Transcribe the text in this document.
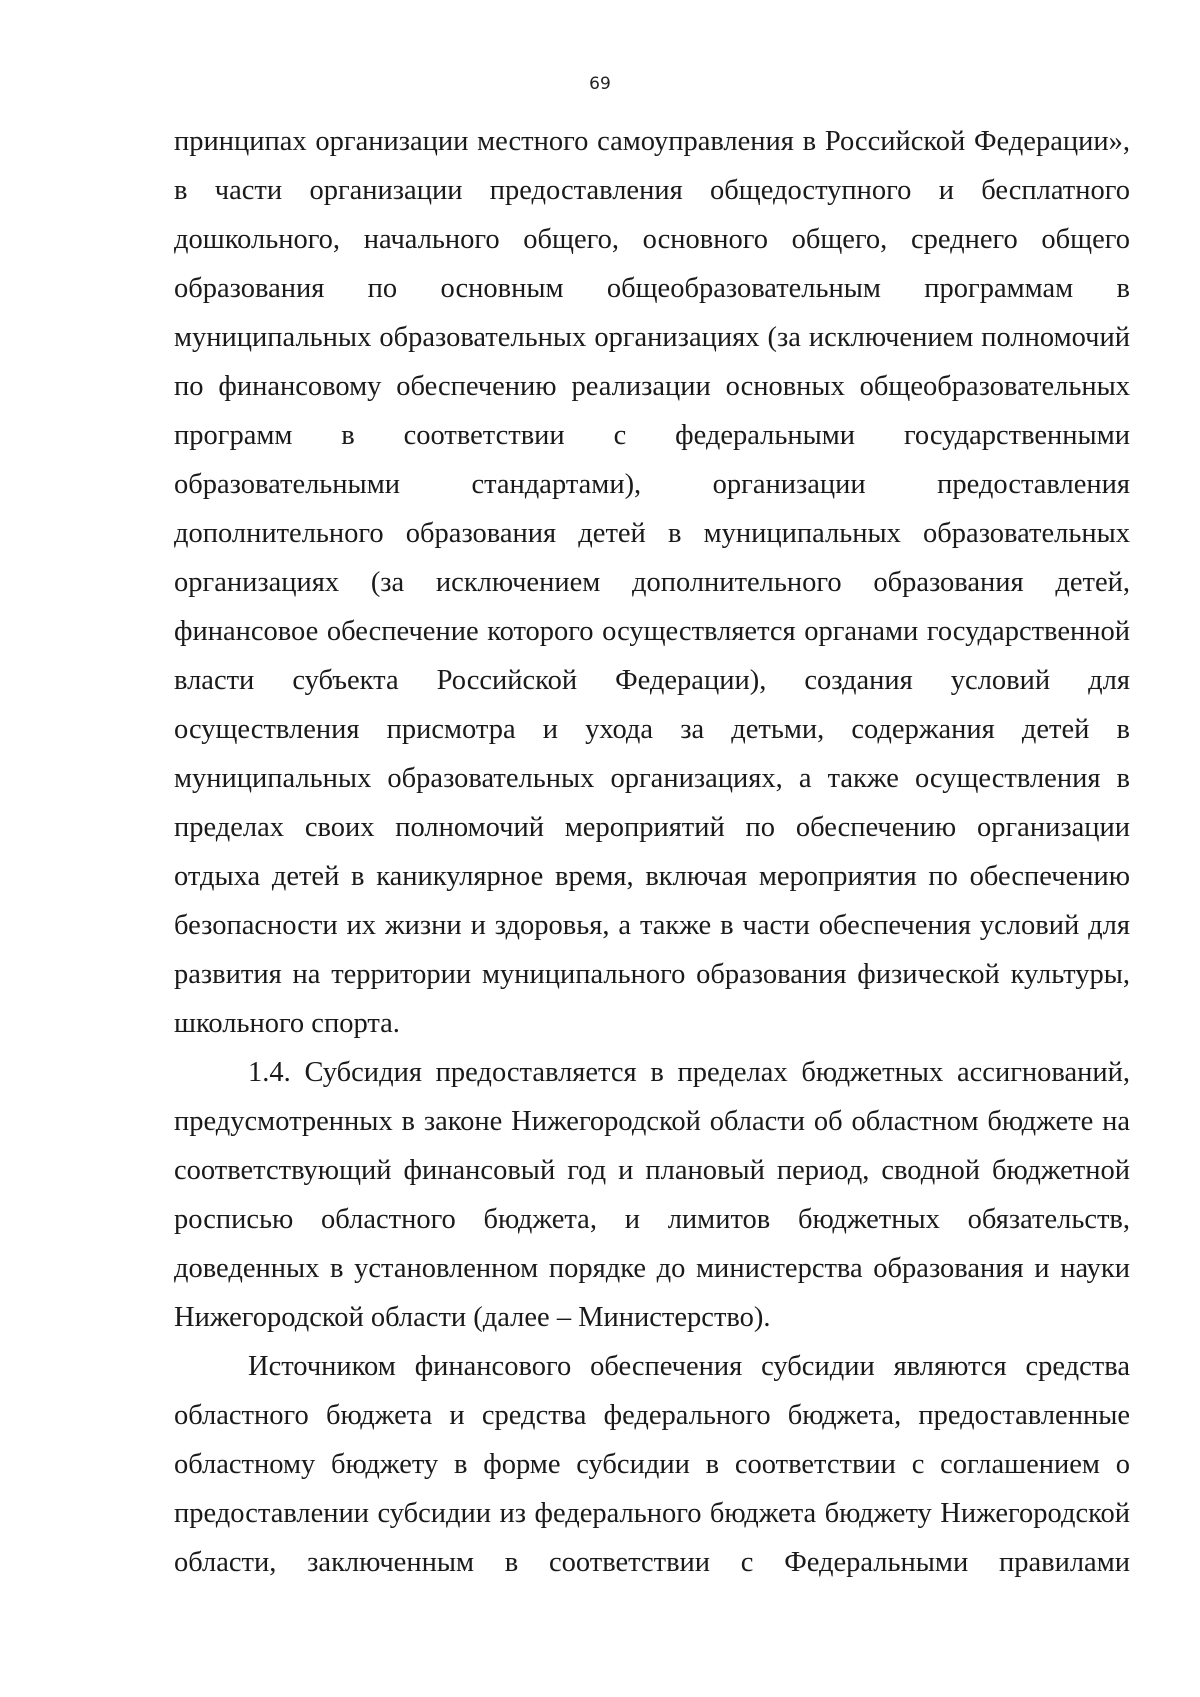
69

принципах организации местного самоуправления в Российской Федерации», в части организации предоставления общедоступного и бесплатного дошкольного, начального общего, основного общего, среднего общего образования по основным общеобразовательным программам в муниципальных образовательных организациях (за исключением полномочий по финансовому обеспечению реализации основных общеобразовательных программ в соответствии с федеральными государственными образовательными стандартами), организации предоставления дополнительного образования детей в муниципальных образовательных организациях (за исключением дополнительного образования детей, финансовое обеспечение которого осуществляется органами государственной власти субъекта Российской Федерации), создания условий для осуществления присмотра и ухода за детьми, содержания детей в муниципальных образовательных организациях, а также осуществления в пределах своих полномочий мероприятий по обеспечению организации отдыха детей в каникулярное время, включая мероприятия по обеспечению безопасности их жизни и здоровья, а также в части обеспечения условий для развития на территории муниципального образования физической культуры, школьного спорта.

1.4. Субсидия предоставляется в пределах бюджетных ассигнований, предусмотренных в законе Нижегородской области об областном бюджете на соответствующий финансовый год и плановый период, сводной бюджетной росписью областного бюджета, и лимитов бюджетных обязательств, доведенных в установленном порядке до министерства образования и науки Нижегородской области (далее – Министерство).

Источником финансового обеспечения субсидии являются средства областного бюджета и средства федерального бюджета, предоставленные областному бюджету в форме субсидии в соответствии с соглашением о предоставлении субсидии из федерального бюджета бюджету Нижегородской области, заключенным в соответствии с Федеральными правилами
